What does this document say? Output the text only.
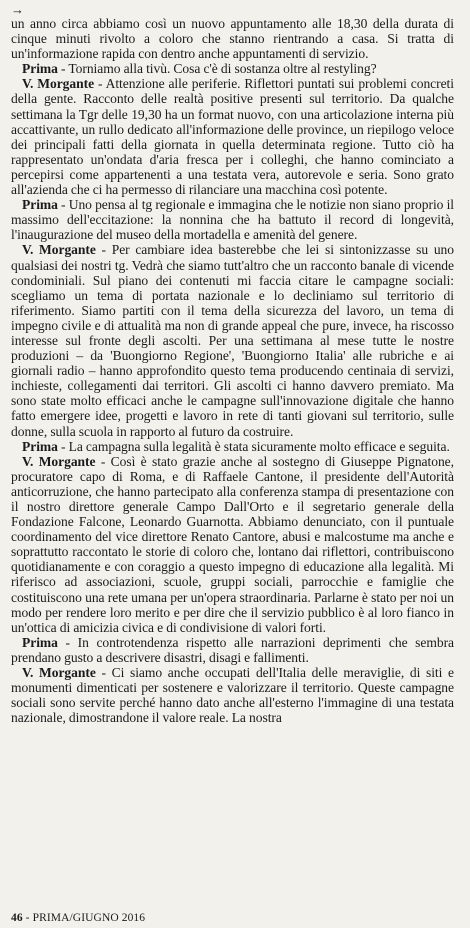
→

un anno circa abbiamo così un nuovo appuntamento alle 18,30 della durata di cinque minuti rivolto a coloro che stanno rientrando a casa. Si tratta di un'informazione rapida con dentro anche appuntamenti di servizio.

Prima - Torniamo alla tivù. Cosa c'è di sostanza oltre al restyling?

V. Morgante - Attenzione alle periferie. Riflettori puntati sui problemi concreti della gente. Racconto delle realtà positive presenti sul territorio. Da qualche settimana la Tgr delle 19,30 ha un format nuovo, con una articolazione interna più accattivante, un rullo dedicato all'informazione delle province, un riepilogo veloce dei principali fatti della giornata in quella determinata regione. Tutto ciò ha rappresentato un'ondata d'aria fresca per i colleghi, che hanno cominciato a percepirsi come appartenenti a una testata vera, autorevole e seria. Sono grato all'azienda che ci ha permesso di rilanciare una macchina così potente.

Prima - Uno pensa al tg regionale e immagina che le notizie non siano proprio il massimo dell'eccitazione: la nonnina che ha battuto il record di longevità, l'inaugurazione del museo della mortadella e amenità del genere.

V. Morgante - Per cambiare idea basterebbe che lei si sintonizzasse su uno qualsiasi dei nostri tg. Vedrà che siamo tutt'altro che un racconto banale di vicende condominiali. Sul piano dei contenuti mi faccia citare le campagne sociali: scegliamo un tema di portata nazionale e lo decliniamo sul territorio di riferimento. Siamo partiti con il tema della sicurezza del lavoro, un tema di impegno civile e di attualità ma non di grande appeal che pure, invece, ha riscosso interesse sul fronte degli ascolti. Per una settimana al mese tutte le nostre produzioni – da 'Buongiorno Regione', 'Buongiorno Italia' alle rubriche e ai giornali radio – hanno approfondito questo tema producendo centinaia di servizi, inchieste, collegamenti dai territori. Gli ascolti ci hanno davvero premiato. Ma sono state molto efficaci anche le campagne sull'innovazione digitale che hanno fatto emergere idee, progetti e lavoro in rete di tanti giovani sul territorio, sulle donne, sulla scuola in rapporto al futuro da costruire.

Prima - La campagna sulla legalità è stata sicuramente molto efficace e seguita.

V. Morgante - Così è stato grazie anche al sostegno di Giuseppe Pignatone, procuratore capo di Roma, e di Raffaele Cantone, il presidente dell'Autorità anticorruzione, che hanno partecipato alla conferenza stampa di presentazione con il nostro direttore generale Campo Dall'Orto e il segretario generale della Fondazione Falcone, Leonardo Guarnotta. Abbiamo denunciato, con il puntuale coordinamento del vice direttore Renato Cantore, abusi e malcostume ma anche e soprattutto raccontato le storie di coloro che, lontano dai riflettori, contribuiscono quotidianamente e con coraggio a questo impegno di educazione alla legalità. Mi riferisco ad associazioni, scuole, gruppi sociali, parrocchie e famiglie che costituiscono una rete umana per un'opera straordinaria. Parlarne è stato per noi un modo per rendere loro merito e per dire che il servizio pubblico è al loro fianco in un'ottica di amicizia civica e di condivisione di valori forti.

Prima - In controtendenza rispetto alle narrazioni deprimenti che sembra prendano gusto a descrivere disastri, disagi e fallimenti.

V. Morgante - Ci siamo anche occupati dell'Italia delle meraviglie, di siti e monumenti dimenticati per sostenere e valorizzare il territorio. Queste campagne sociali sono servite perché hanno dato anche all'esterno l'immagine di una testata nazionale, dimostrandone il valore reale. La nostra

46 - PRIMA/GIUGNO 2016
